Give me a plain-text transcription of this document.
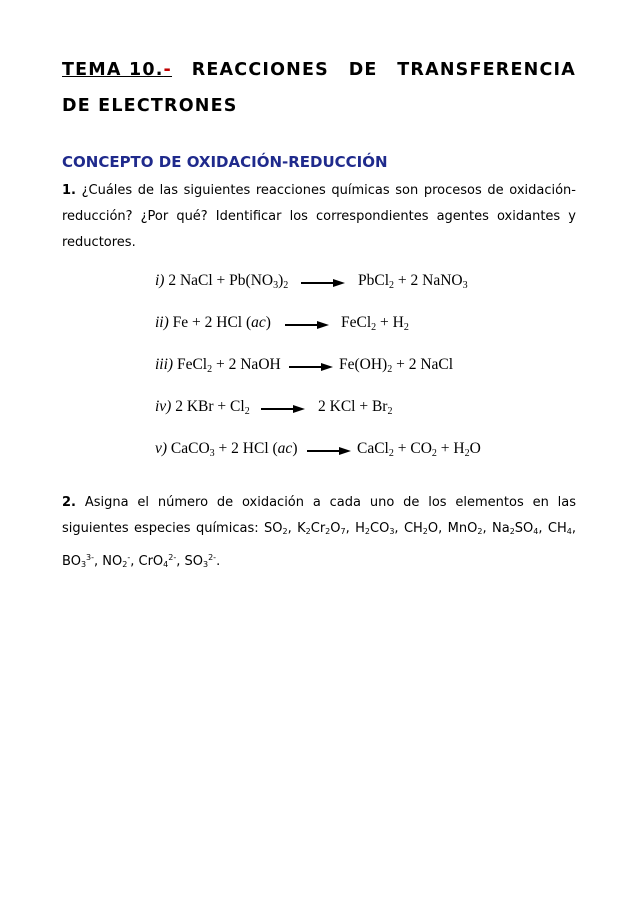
TEMA 10.- REACCIONES DE TRANSFERENCIA
DE ELECTRONES
CONCEPTO DE OXIDACIÓN-REDUCCIÓN
1. ¿Cuáles de las siguientes reacciones químicas son procesos de oxidación-
reducción? ¿Por qué? Identificar los correspondientes agentes oxidantes y
reductores.
i) 2 NaCl + $Pb(NO_3)_2$ → PbCl$_2$ + 2 NaNO$_3$
ii) Fe + 2 HCl (ac) → FeCl$_2$ + $H_2$
iii) FeCl$_2$ + 2 NaOH → $Fe(OH)_2 + 2$ NaCl
iv) 2 KBr + $Cl_2 \to 2$ KCl + $Br_2$
v) CaCO$_3$ + 2 HCl (ac) → CaCl$_2$ + $CO_2 + H_2O$
2. Asigna el número de oxidación a cada uno de los elementos en las
siguientes especies químicas: $SO_2$, $K_2Cr_2O_7$, $H_2CO_3$, $CH_2O$, MnO$_2$, $Na_2SO_4$, $CH_4$,
$BO_3^{3-}$, $NO_2^-$, CrO$_4^{2-}$, $SO_3^{2-}$.
